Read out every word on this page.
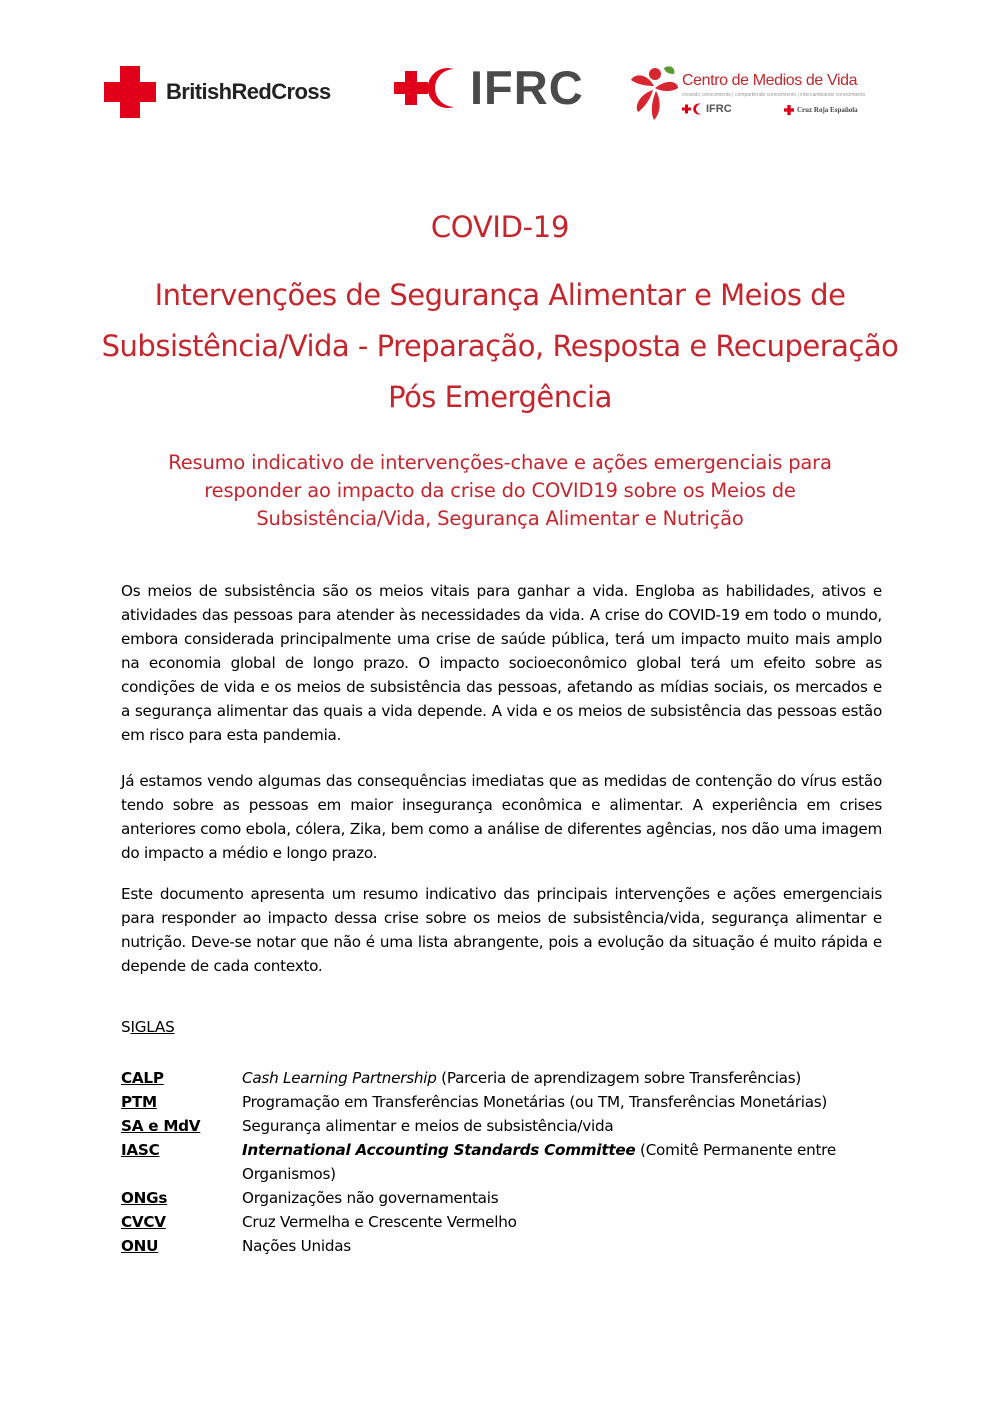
BritishRedCross	IFRC	Centro de Medios de Vida
creando conocimiento | compartiendo conocimiento | intercambiando conocimiento
IFRC	Cruz Roja Española
COVID-19
Intervenções de Segurança Alimentar e Meios de
Subsistência/Vida - Preparação, Resposta e Recuperação
Pós Emergência
Resumo indicativo de intervenções-chave e ações emergenciais para
responder ao impacto da crise do COVID19 sobre os Meios de
Subsistência/Vida, Segurança Alimentar e Nutrição

Os meios de subsistência são os meios vitais para ganhar a vida. Engloba as habilidades, ativos e atividades das pessoas para atender às necessidades da vida. A crise do COVID-19 em todo o mundo, embora considerada principalmente uma crise de saúde pública, terá um impacto muito mais amplo na economia global de longo prazo. O impacto socioeconômico global terá um efeito sobre as condições de vida e os meios de subsistência das pessoas, afetando as mídias sociais, os mercados e a segurança alimentar das quais a vida depende. A vida e os meios de subsistência das pessoas estão em risco para esta pandemia.

Já estamos vendo algumas das consequências imediatas que as medidas de contenção do vírus estão tendo sobre as pessoas em maior insegurança econômica e alimentar. A experiência em crises anteriores como ebola, cólera, Zika, bem como a análise de diferentes agências, nos dão uma imagem do impacto a médio e longo prazo.

Este documento apresenta um resumo indicativo das principais intervenções e ações emergenciais para responder ao impacto dessa crise sobre os meios de subsistência/vida, segurança alimentar e nutrição. Deve-se notar que não é uma lista abrangente, pois a evolução da situação é muito rápida e depende de cada contexto.

SIGLAS
CALP	Cash Learning Partnership (Parceria de aprendizagem sobre Transferências)
PTM	Programação em Transferências Monetárias (ou TM, Transferências Monetárias)
SA e MdV	Segurança alimentar e meios de subsistência/vida
IASC	International Accounting Standards Committee (Comitê Permanente entre Organismos)
ONGs	Organizações não governamentais
CVCV	Cruz Vermelha e Crescente Vermelho
ONU	Nações Unidas
